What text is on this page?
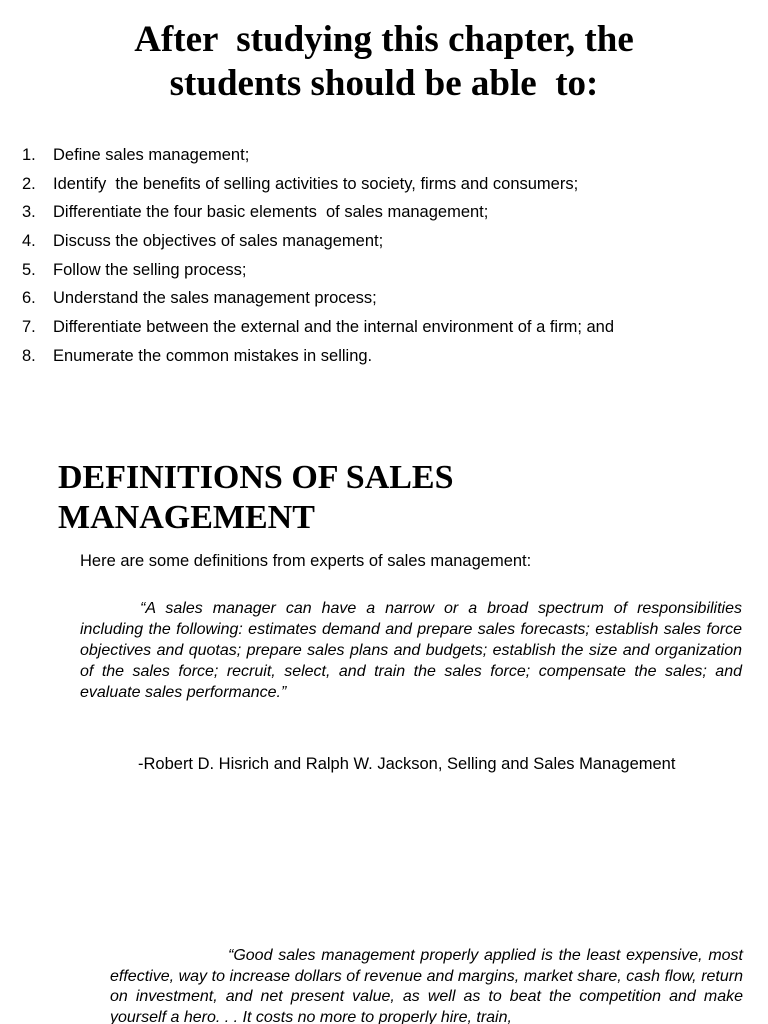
After  studying this chapter, the
students should be able  to:
1.	Define sales management;
2.	Identify  the benefits of selling activities to society, firms and consumers;
3.	Differentiate the four basic elements  of sales management;
4.	Discuss the objectives of sales management;
5.	Follow the selling process;
6.	Understand the sales management process;
7.	Differentiate between the external and the internal environment of a firm; and
8.	Enumerate the common mistakes in selling.
DEFINITIONS OF SALES MANAGEMENT
Here are some definitions from experts of sales management:

“A sales manager can have a narrow or a broad spectrum of responsibilities including the following: estimates demand and prepare sales forecasts; establish sales force objectives and quotas; prepare sales plans and budgets; establish the size and organization of the sales force; recruit, select, and train the sales force; compensate the sales; and evaluate sales performance.”

-Robert D. Hisrich and Ralph W. Jackson, Selling and Sales Management

“Good sales management properly applied is the least expensive, most effective, way to increase dollars of revenue and margins, market share, cash flow, return on investment, and net present value, as well as to beat the competition and make yourself a hero. . . It costs no more to properly hire, train,
